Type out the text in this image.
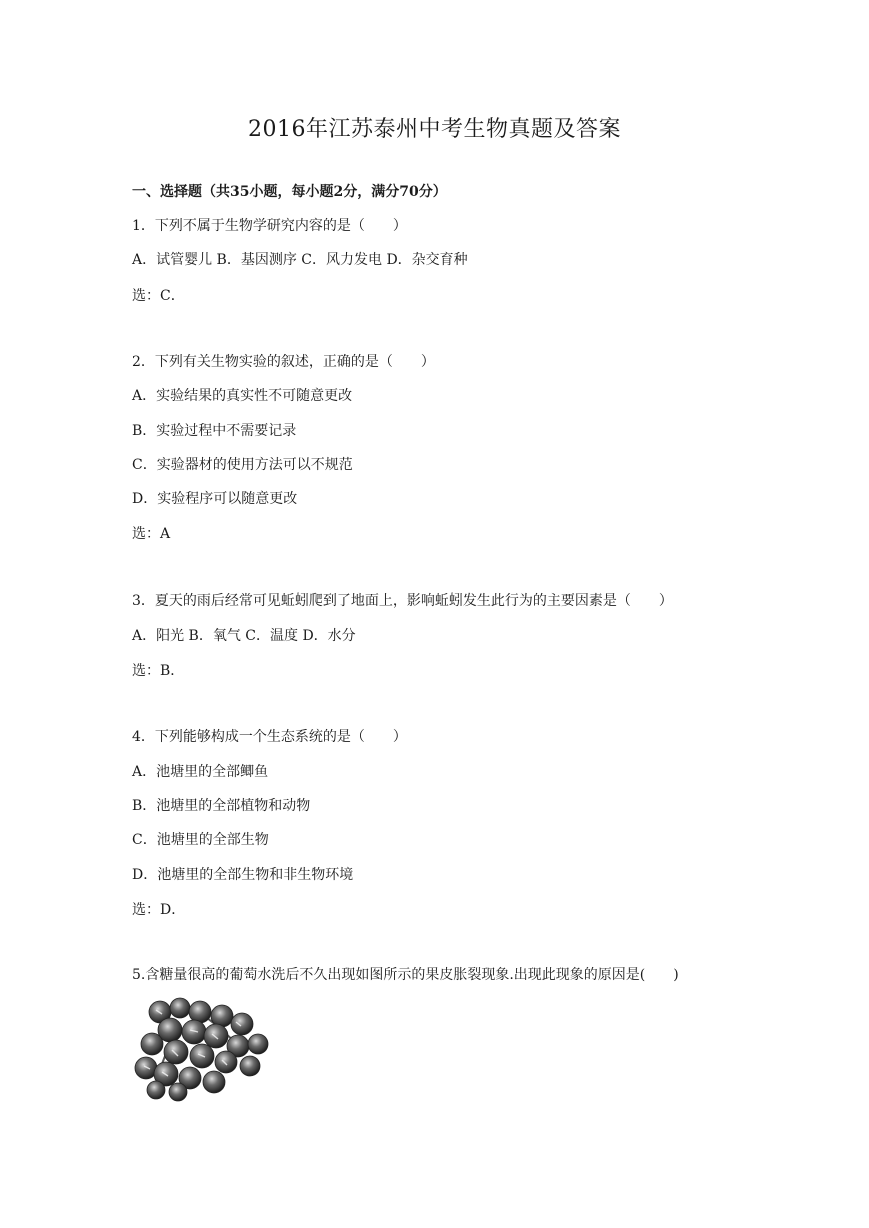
2016年江苏泰州中考生物真题及答案
一、选择题（共35小题，每小题2分，满分70分）
1．下列不属于生物学研究内容的是（　　）
A．试管婴儿 B．基因测序 C．风力发电 D．杂交育种
选：C．
2．下列有关生物实验的叙述，正确的是（　　）
A．实验结果的真实性不可随意更改
B．实验过程中不需要记录
C．实验器材的使用方法可以不规范
D．实验程序可以随意更改
选：A
3．夏天的雨后经常可见蚯蚓爬到了地面上，影响蚯蚓发生此行为的主要因素是（　　）
A．阳光 B．氧气 C．温度 D．水分
选：B．
4．下列能够构成一个生态系统的是（　　）
A．池塘里的全部鲫鱼
B．池塘里的全部植物和动物
C．池塘里的全部生物
D．池塘里的全部生物和非生物环境
选：D．
5.含糖量很高的葡萄水洗后不久出现如图所示的果皮胀裂现象.出现此现象的原因是(　　)
